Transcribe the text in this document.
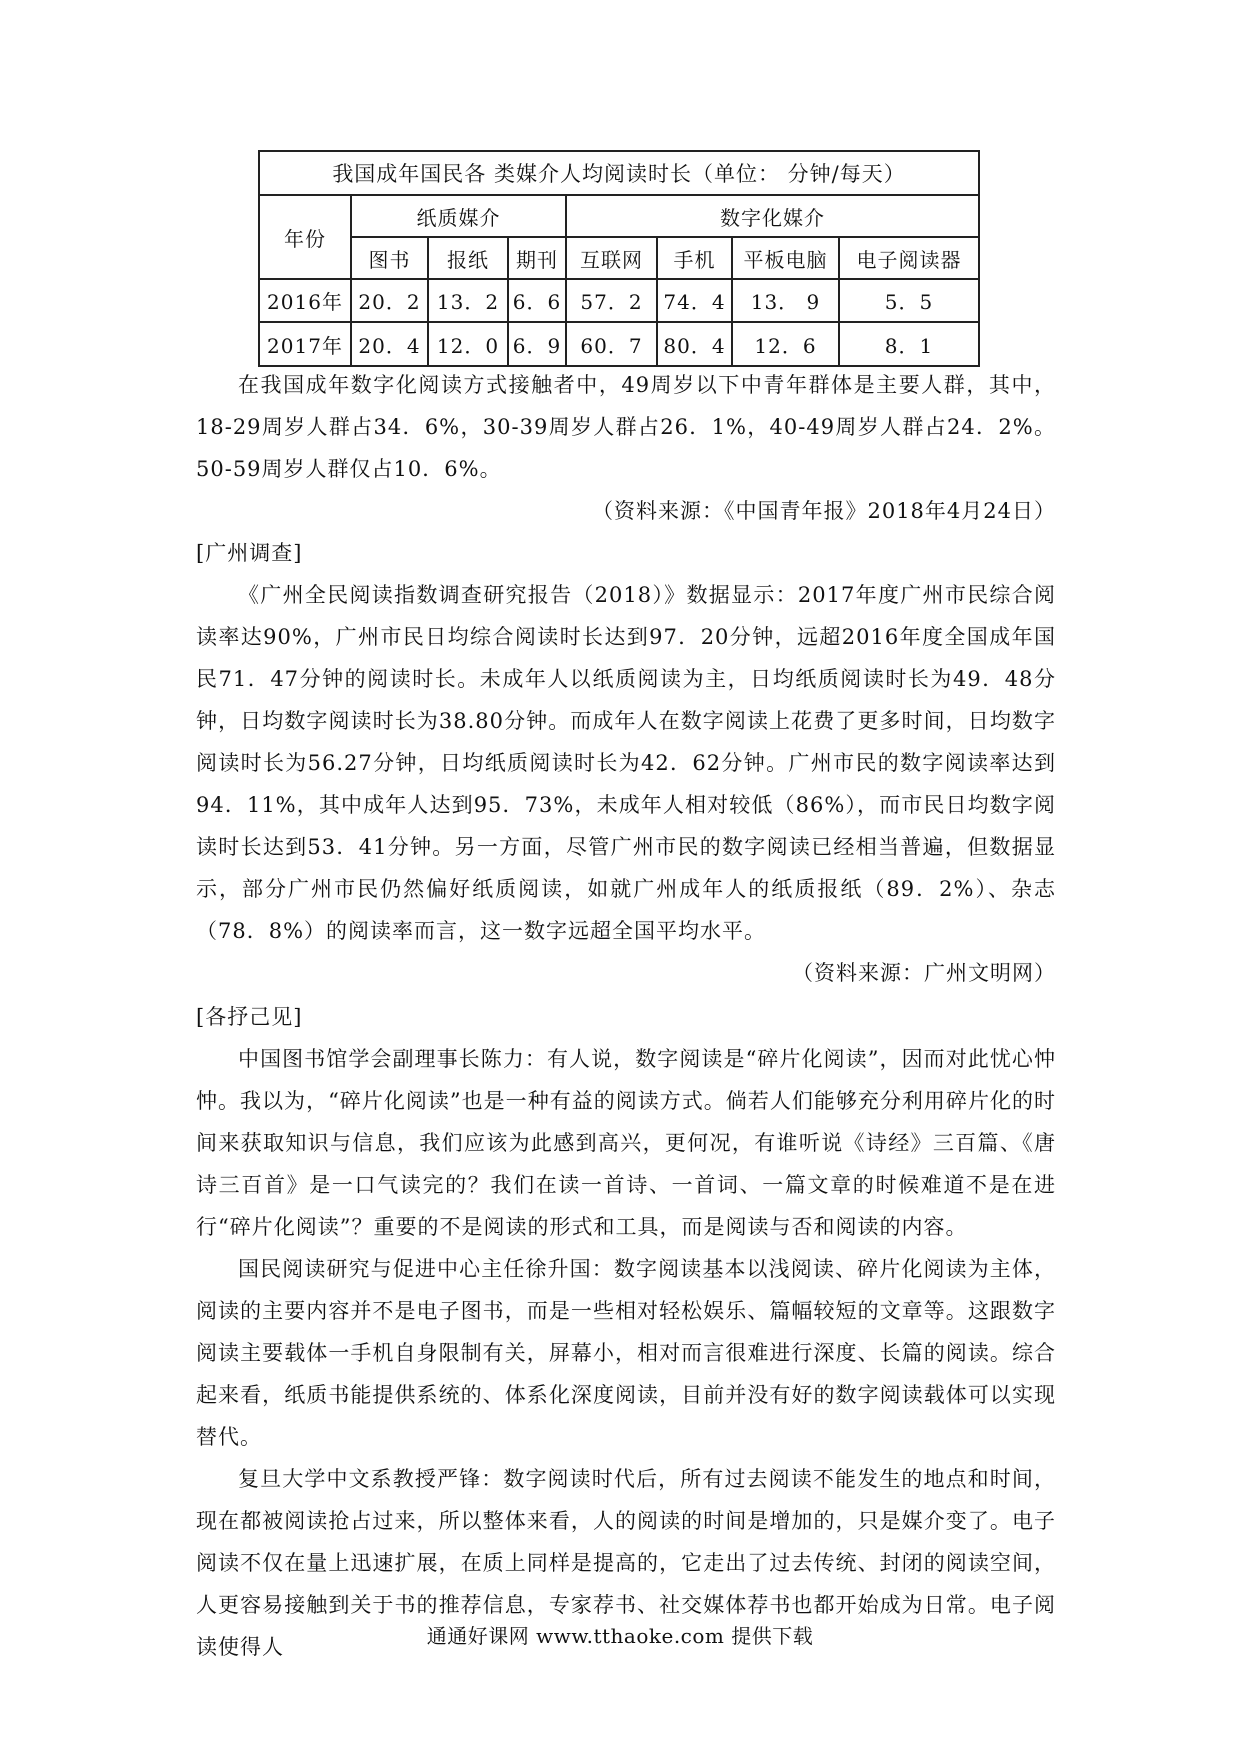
我国成年国民各 类媒介人均阅读时长（单位： 分钟/每天）							
年份	纸质媒介			数字化媒介			
	图书	报纸	期刊	互联网	手机	平板电脑	电子阅读器
2016年	20．2	13．2	6．6	57．2	74．4	13． 9	5．5
2017年	20．4	12．0	6．9	60．7	80．4	12．6	8．1

在我国成年数字化阅读方式接触者中，49周岁以下中青年群体是主要人群，其中，18-29周岁人群占34．6%，30-39周岁人群占26．1%，40-49周岁人群占24．2%。50-59周岁人群仅占10．6%。

（资料来源：《中国青年报》2018年4月24日）

[广州调查]

《广州全民阅读指数调查研究报告（2018）》数据显示：2017年度广州市民综合阅读率达90%，广州市民日均综合阅读时长达到97．20分钟，远超2016年度全国成年国民71．47分钟的阅读时长。未成年人以纸质阅读为主，日均纸质阅读时长为49．48分钟，日均数字阅读时长为38.80分钟。而成年人在数字阅读上花费了更多时间，日均数字阅读时长为56.27分钟，日均纸质阅读时长为42．62分钟。广州市民的数字阅读率达到94．11%，其中成年人达到95．73%，未成年人相对较低（86%），而市民日均数字阅读时长达到53．41分钟。另一方面，尽管广州市民的数字阅读已经相当普遍，但数据显示，部分广州市民仍然偏好纸质阅读，如就广州成年人的纸质报纸（89．2%）、杂志（78．8%）的阅读率而言，这一数字远超全国平均水平。

（资料来源：广州文明网）

[各抒己见]

中国图书馆学会副理事长陈力：有人说，数字阅读是“碎片化阅读”，因而对此忧心忡忡。我以为，“碎片化阅读”也是一种有益的阅读方式。倘若人们能够充分利用碎片化的时间来获取知识与信息，我们应该为此感到高兴，更何况，有谁听说《诗经》三百篇、《唐诗三百首》是一口气读完的？我们在读一首诗、一首词、一篇文章的时候难道不是在进行“碎片化阅读”？重要的不是阅读的形式和工具，而是阅读与否和阅读的内容。

国民阅读研究与促进中心主任徐升国：数字阅读基本以浅阅读、碎片化阅读为主体，阅读的主要内容并不是电子图书，而是一些相对轻松娱乐、篇幅较短的文章等。这跟数字阅读主要载体一手机自身限制有关，屏幕小，相对而言很难进行深度、长篇的阅读。综合起来看，纸质书能提供系统的、体系化深度阅读，目前并没有好的数字阅读载体可以实现替代。

复旦大学中文系教授严锋：数字阅读时代后，所有过去阅读不能发生的地点和时间，现在都被阅读抢占过来，所以整体来看，人的阅读的时间是增加的，只是媒介变了。电子阅读不仅在量上迅速扩展，在质上同样是提高的，它走出了过去传统、封闭的阅读空间，人更容易接触到关于书的推荐信息，专家荐书、社交媒体荐书也都开始成为日常。电子阅读使得人	通通好课网 www.tthaoke.com 提供下载
